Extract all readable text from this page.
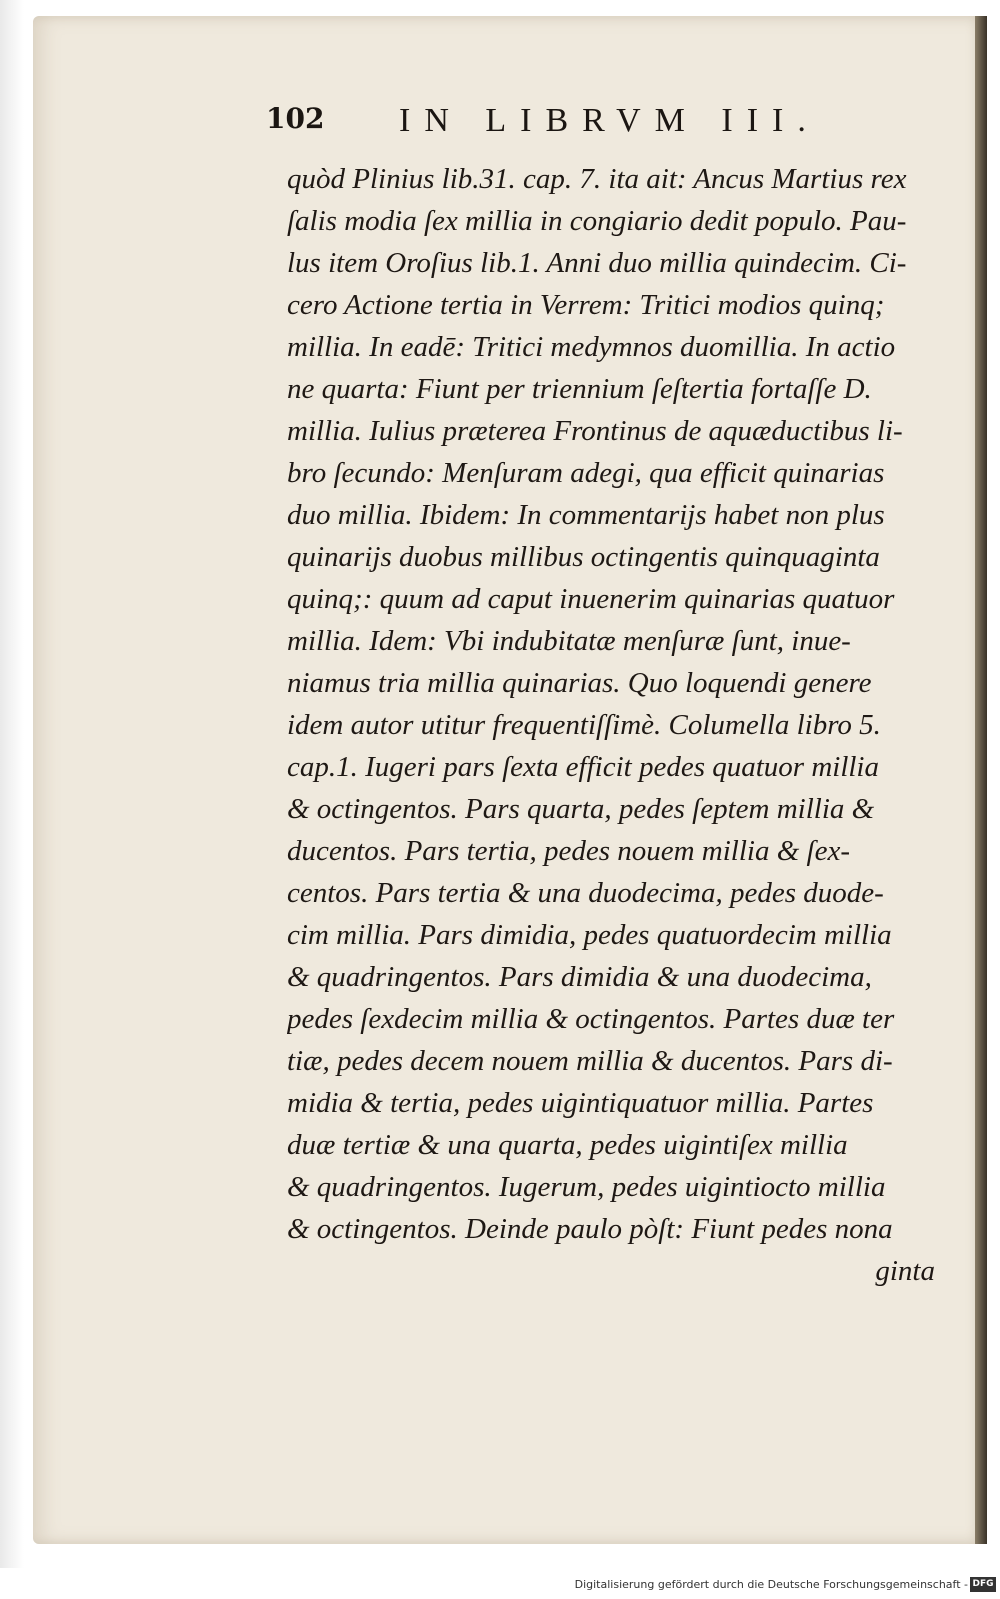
102 IN LIBRVM III.
quòd Plinius lib.31. cap. 7. ita ait: Ancus Martius rex
ſalis modia ſex millia in congiario dedit populo. Pau-
lus item Oroſius lib.1. Anni duo millia quindecim. Ci-
cero Actione tertia in Verrem: Tritici modios quinq;
millia. In eadē: Tritici medymnos duomillia. In actio
ne quarta: Fiunt per triennium ſeſtertia fortaſſe D.
millia. Iulius præterea Frontinus de aquæductibus li-
bro ſecundo: Menſuram adegi, qua efficit quinarias
duo millia. Ibidem: In commentarijs habet non plus
quinarijs duobus millibus octingentis quinquaginta
quinq;: quum ad caput inuenerim quinarias quatuor
millia. Idem: Vbi indubitatæ menſuræ ſunt, inue-
niamus tria millia quinarias. Quo loquendi genere
idem autor utitur frequentiſſimè. Columella libro 5.
cap.1. Iugeri pars ſexta efficit pedes quatuor millia
& octingentos. Pars quarta, pedes ſeptem millia &
ducentos. Pars tertia, pedes nouem millia & ſex-
centos. Pars tertia & una duodecima, pedes duode-
cim millia. Pars dimidia, pedes quatuordecim millia
& quadringentos. Pars dimidia & una duodecima,
pedes ſexdecim millia & octingentos. Partes duæ ter
tiæ, pedes decem nouem millia & ducentos. Pars di-
midia & tertia, pedes uigintiquatuor millia. Partes
duæ tertiæ & una quarta, pedes uigintiſex millia
& quadringentos. Iugerum, pedes uigintiocto millia
& octingentos. Deinde paulo pòſt: Fiunt pedes nona
ginta
Digitalisierung gefördert durch die Deutsche Forschungsgemeinschaft - DFG
